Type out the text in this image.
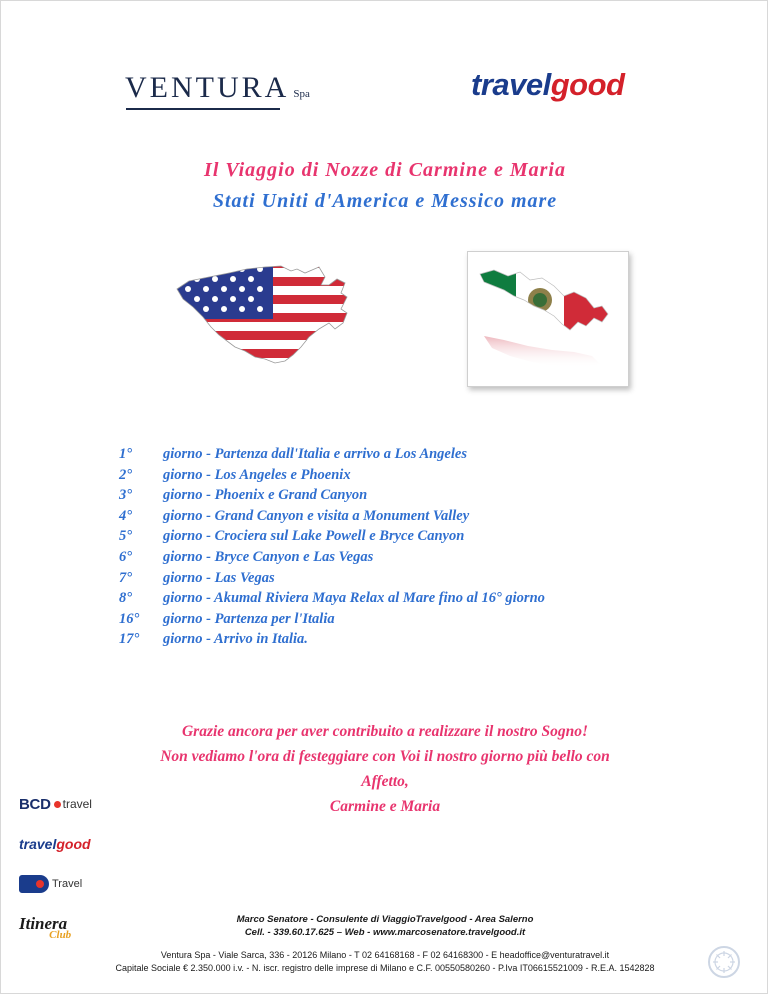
VENTURA Spa	travelgood
Il Viaggio di Nozze di Carmine e Maria
Stati Uniti d'America e Messico mare
1°	giorno - Partenza dall'Italia e arrivo a Los Angeles
2°	giorno - Los Angeles e Phoenix
3°	giorno - Phoenix e Grand Canyon
4°	giorno - Grand Canyon e visita a Monument Valley
5°	giorno - Crociera sul Lake Powell e Bryce Canyon
6°	giorno - Bryce Canyon e Las Vegas
7°	giorno - Las Vegas
8°	giorno - Akumal Riviera Maya Relax al Mare fino al 16° giorno
16°	giorno - Partenza per l'Italia
17°	giorno - Arrivo in Italia.
Grazie ancora per aver contribuito a realizzare il nostro Sogno!
Non vediamo l'ora di festeggiare con Voi il nostro giorno più bello con
Affetto,
Carmine e Maria
BCD travel
travel good
Travel
Itinera
Club
Marco Senatore - Consulente di ViaggioTravelgood - Area Salerno
Cell. - 339.60.17.625 – Web - www.marcosenatore.travelgood.it
Ventura Spa - Viale Sarca, 336 - 20126 Milano - T 02 64168168 - F 02 64168300 - E headoffice@venturatravel.it
Capitale Sociale € 2.350.000 i.v. - N. iscr. registro delle imprese di Milano e C.F. 00550580260 - P.Iva IT06615521009 - R.E.A. 1542828
